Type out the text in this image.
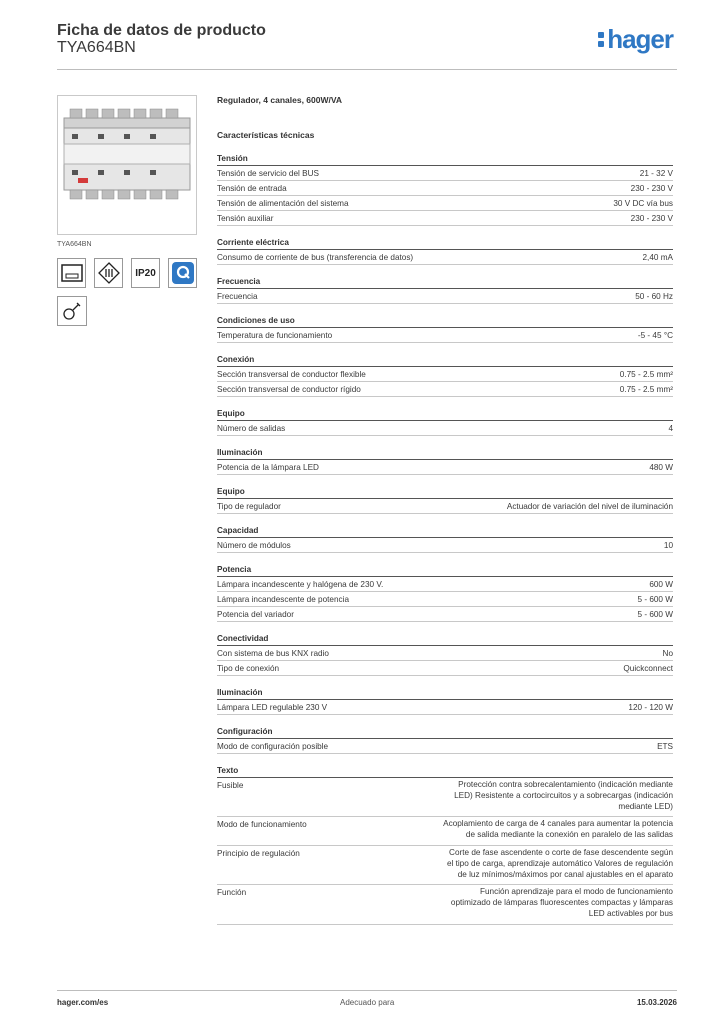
Ficha de datos de producto
TYA664BN	hager
TYA664BN
IP20
Regulador, 4 canales, 600W/VA
Características técnicas
Tensión
Tensión de servicio del BUS	21 - 32 V
Tensión de entrada	230 - 230 V
Tensión de alimentación del sistema	30 V DC vía bus
Tensión auxiliar	230 - 230 V
Corriente eléctrica
Consumo de corriente de bus (transferencia de datos)	2,40 mA
Frecuencia
Frecuencia	50 - 60 Hz
Condiciones de uso
Temperatura de funcionamiento	-5 - 45 °C
Conexión
Sección transversal de conductor flexible	0.75 - 2.5 mm²
Sección transversal de conductor rígido	0.75 - 2.5 mm²
Equipo
Número de salidas	4
Iluminación
Potencia de la lámpara LED	480 W
Equipo
Tipo de regulador	Actuador de variación del nivel de iluminación
Capacidad
Número de módulos	10
Potencia
Lámpara incandescente y halógena de 230 V.	600 W
Lámpara incandescente de potencia	5 - 600 W
Potencia del variador	5 - 600 W
Conectividad
Con sistema de bus KNX radio	No
Tipo de conexión	Quickconnect
Iluminación
Lámpara LED regulable 230 V	120 - 120 W
Configuración
Modo de configuración posible	ETS
Texto
Fusible	Protección contra sobrecalentamiento (indicación mediante LED) Resistente a cortocircuitos y a sobrecargas (indicación mediante LED)
Modo de funcionamiento	Acoplamiento de carga de 4 canales para aumentar la potencia de salida mediante la conexión en paralelo de las salidas
Principio de regulación	Corte de fase ascendente o corte de fase descendente según el tipo de carga, aprendizaje automático Valores de regulación de luz mínimos/máximos por canal ajustables en el aparato
Función	Función aprendizaje para el modo de funcionamiento optimizado de lámparas fluorescentes compactas y lámparas LED activables por bus
hager.com/es	Adecuado para	15.03.2026
